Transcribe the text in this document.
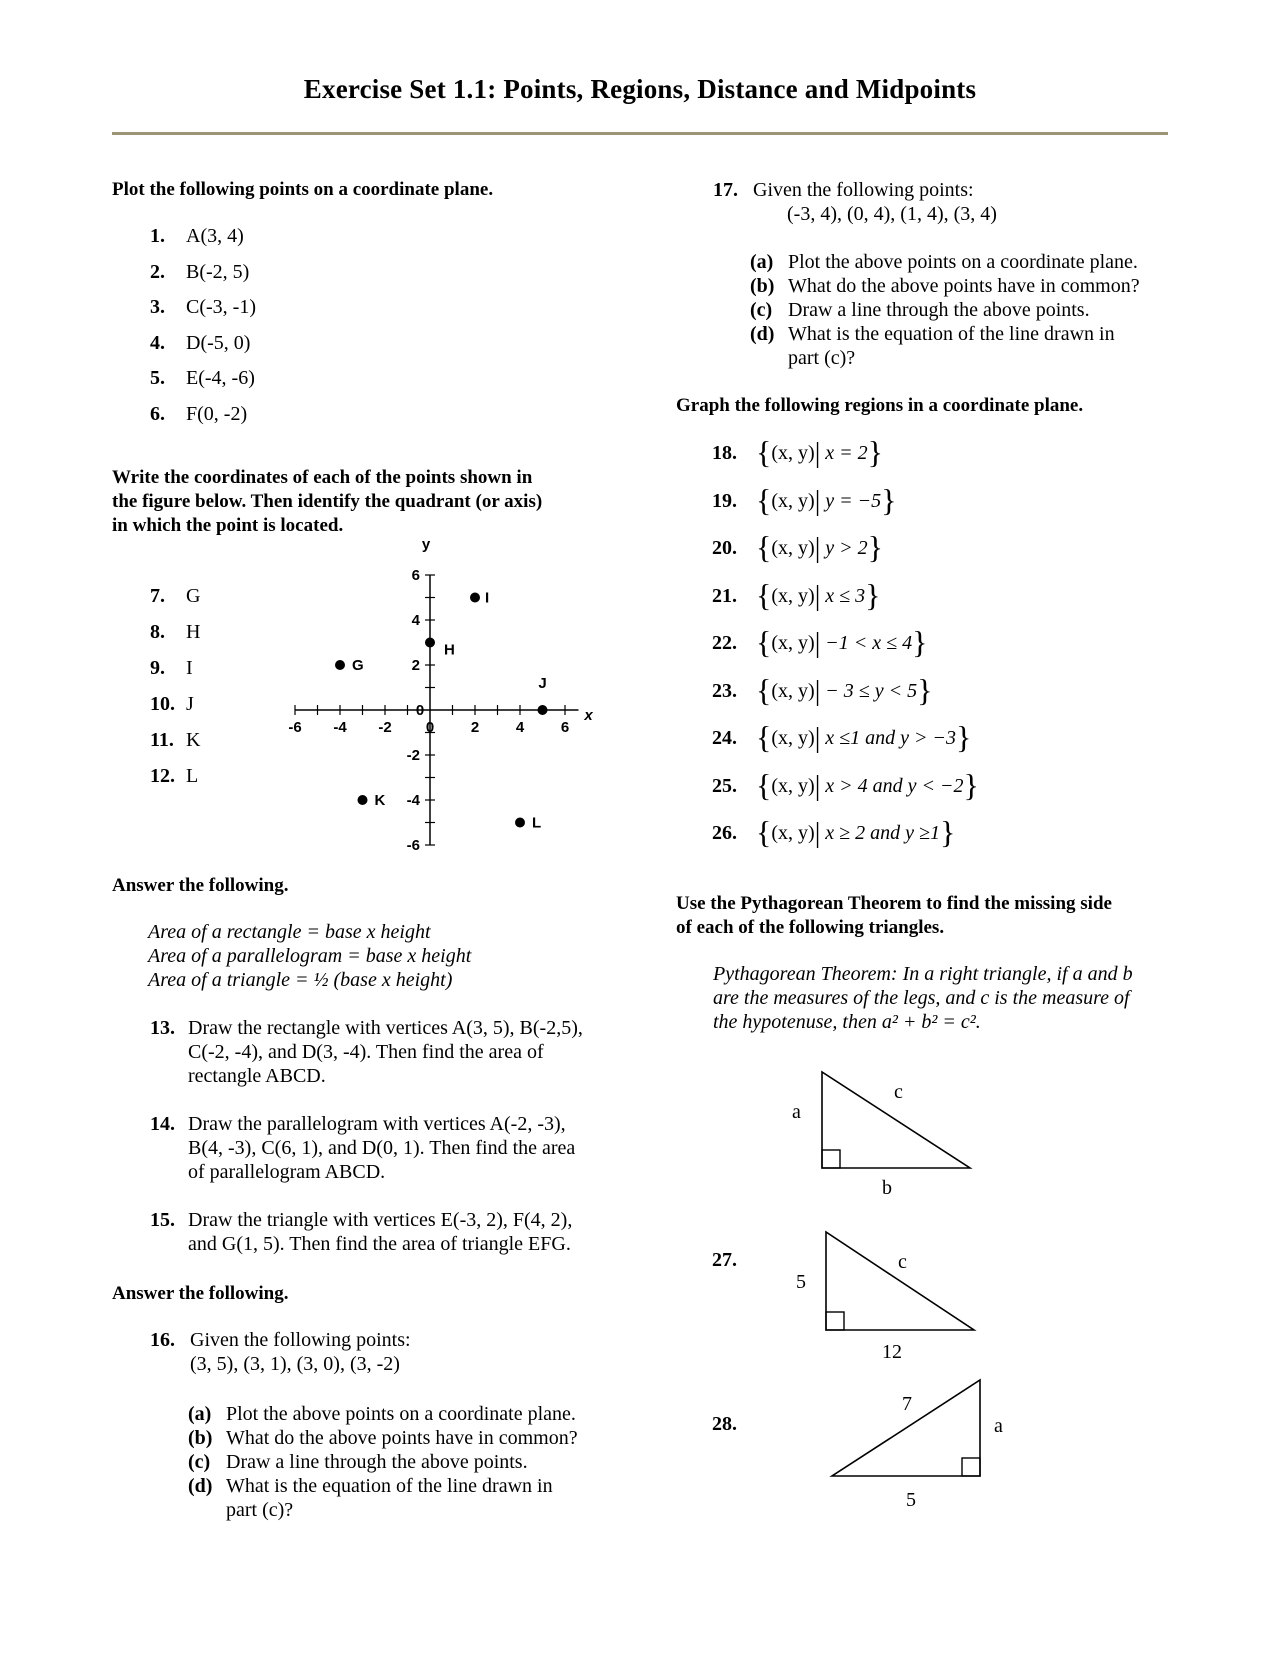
Exercise Set 1.1: Points, Regions, Distance and Midpoints
Plot the following points on a coordinate plane.
1. A(3, 4)
2. B(-2, 5)
3. C(-3, -1)
4. D(-5, 0)
5. E(-4, -6)
6. F(0, -2)
Write the coordinates of each of the points shown in
the figure below. Then identify the quadrant (or axis)
in which the point is located.
7. G
8. H
9. I
10. J
11. K
12. L
-6 -4 -2 0 2 4 6
6
4
2
0
-2
-4
-6
x
y
G
H
I
J
K
L
Answer the following.
Area of a rectangle = base x height
Area of a parallelogram = base x height
Area of a triangle = ½ (base x height)
13. Draw the rectangle with vertices A(3, 5), B(-2,5),
C(-2, -4), and D(3, -4). Then find the area of
rectangle ABCD.
14. Draw the parallelogram with vertices A(-2, -3),
B(4, -3), C(6, 1), and D(0, 1). Then find the area
of parallelogram ABCD.
15. Draw the triangle with vertices E(-3, 2), F(4, 2),
and G(1, 5). Then find the area of triangle EFG.
Answer the following.
16. Given the following points:
(3, 5), (3, 1), (3, 0), (3, -2)
(a) Plot the above points on a coordinate plane.
(b) What do the above points have in common?
(c) Draw a line through the above points.
(d) What is the equation of the line drawn in
part (c)?
17. Given the following points:
(-3, 4), (0, 4), (1, 4), (3, 4)
(a) Plot the above points on a coordinate plane.
(b) What do the above points have in common?
(c) Draw a line through the above points.
(d) What is the equation of the line drawn in
part (c)?
Graph the following regions in a coordinate plane.
18. {(x, y)| x = 2}
19. {(x, y)| y = −5}
20. {(x, y)| y > 2}
21. {(x, y)| x ≤ 3}
22. {(x, y)| −1 < x ≤ 4}
23. {(x, y)| − 3 ≤ y < 5}
24. {(x, y)| x ≤1 and y > −3}
25. {(x, y)| x > 4 and y < −2}
26. {(x, y)| x ≥ 2 and y ≥1}
Use the Pythagorean Theorem to find the missing side
of each of the following triangles.
Pythagorean Theorem: In a right triangle, if a and b
are the measures of the legs, and c is the measure of
the hypotenuse, then a² + b² = c².
a
c
b
27.
5
c
12
28.
7
a
5
